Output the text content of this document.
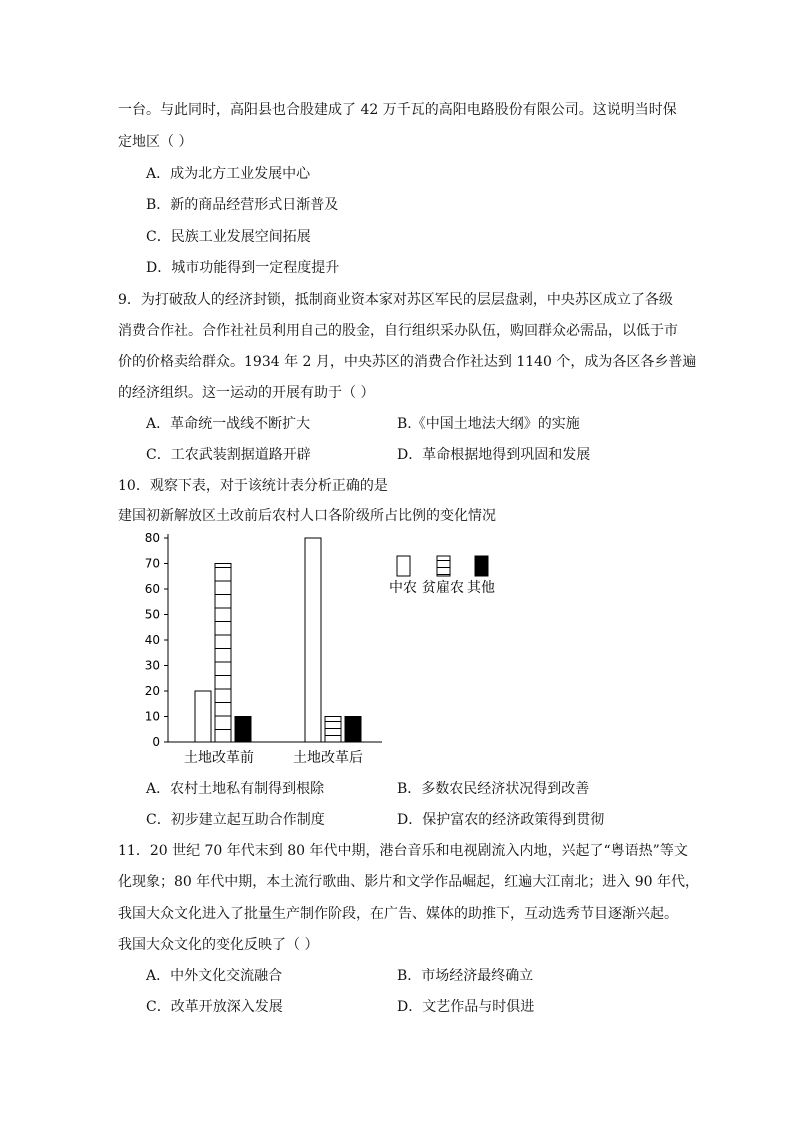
一台。与此同时，高阳县也合股建成了 42 万千瓦的高阳电路股份有限公司。这说明当时保
定地区（ ）
A．成为北方工业发展中心
B．新的商品经营形式日渐普及
C．民族工业发展空间拓展
D．城市功能得到一定程度提升
9．为打破敌人的经济封锁，抵制商业资本家对苏区军民的层层盘剥，中央苏区成立了各级
消费合作社。合作社社员利用自己的股金，自行组织采办队伍，购回群众必需品，以低于市
价的价格卖给群众。1934 年 2 月，中央苏区的消费合作社达到 1140 个，成为各区各乡普遍
的经济组织。这一运动的开展有助于（ ）
A．革命统一战线不断扩大	B.《中国土地法大纲》的实施
C．工农武装割据道路开辟	D．革命根据地得到巩固和发展
10．观察下表，对于该统计表分析正确的是
建国初新解放区土改前后农村人口各阶级所占比例的变化情况
0
10
20
30
40
50
60
70
80
土地改革前	土地改革后
中农 贫雇农 其他
A．农村土地私有制得到根除	B．多数农民经济状况得到改善
C．初步建立起互助合作制度	D．保护富农的经济政策得到贯彻
11．20 世纪 70 年代末到 80 年代中期，港台音乐和电视剧流入内地，兴起了“粤语热”等文
化现象；80 年代中期，本土流行歌曲、影片和文学作品崛起，红遍大江南北；进入 90 年代，
我国大众文化进入了批量生产制作阶段，在广告、媒体的助推下，互动选秀节目逐渐兴起。
我国大众文化的变化反映了（ ）
A．中外文化交流融合	B．市场经济最终确立
C．改革开放深入发展	D．文艺作品与时俱进
